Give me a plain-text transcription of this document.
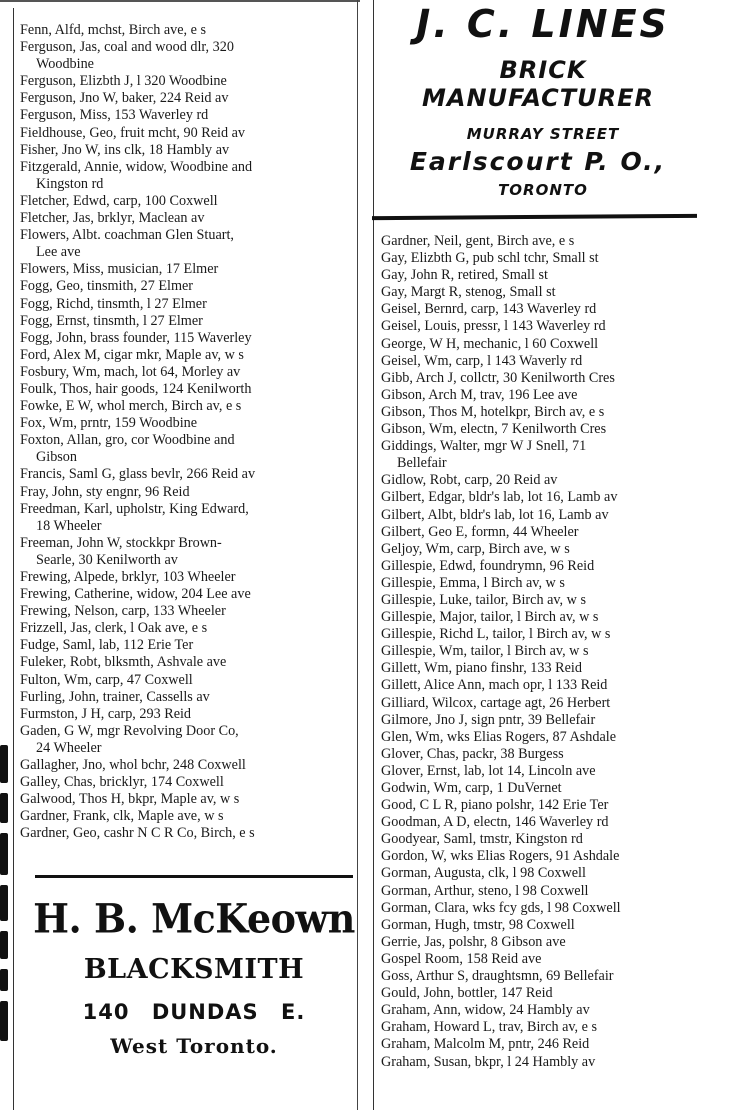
Fenn, Alfd, mchst, Birch ave, e s
Ferguson, Jas, coal and wood dlr, 320
Woodbine
Ferguson, Elizbth J, l 320 Woodbine
Ferguson, Jno W, baker, 224 Reid av
Ferguson, Miss, 153 Waverley rd
Fieldhouse, Geo, fruit mcht, 90 Reid av
Fisher, Jno W, ins clk, 18 Hambly av
Fitzgerald, Annie, widow, Woodbine and
Kingston rd
Fletcher, Edwd, carp, 100 Coxwell
Fletcher, Jas, brklyr, Maclean av
Flowers, Albt. coachman Glen Stuart,
Lee ave
Flowers, Miss, musician, 17 Elmer
Fogg, Geo, tinsmith, 27 Elmer
Fogg, Richd, tinsmth, l 27 Elmer
Fogg, Ernst, tinsmth, l 27 Elmer
Fogg, John, brass founder, 115 Waverley
Ford, Alex M, cigar mkr, Maple av, w s
Fosbury, Wm, mach, lot 64, Morley av
Foulk, Thos, hair goods, 124 Kenilworth
Fowke, E W, whol merch, Birch av, e s
Fox, Wm, prntr, 159 Woodbine
Foxton, Allan, gro, cor Woodbine and
Gibson
Francis, Saml G, glass bevlr, 266 Reid av
Fray, John, sty engnr, 96 Reid
Freedman, Karl, upholstr, King Edward,
18 Wheeler
Freeman, John W, stockkpr Brown-
Searle, 30 Kenilworth av
Frewing, Alpede, brklyr, 103 Wheeler
Frewing, Catherine, widow, 204 Lee ave
Frewing, Nelson, carp, 133 Wheeler
Frizzell, Jas, clerk, l Oak ave, e s
Fudge, Saml, lab, 112 Erie Ter
Fuleker, Robt, blksmth, Ashvale ave
Fulton, Wm, carp, 47 Coxwell
Furling, John, trainer, Cassells av
Furmston, J H, carp, 293 Reid
Gaden, G W, mgr Revolving Door Co,
24 Wheeler
Gallagher, Jno, whol bchr, 248 Coxwell
Galley, Chas, bricklyr, 174 Coxwell
Galwood, Thos H, bkpr, Maple av, w s
Gardner, Frank, clk, Maple ave, w s
Gardner, Geo, cashr N C R Co, Birch, e s
J. C. LINES
BRICK
MANUFACTURER
MURRAY STREET
Earlscourt P. O.,
TORONTO
Gardner, Neil, gent, Birch ave, e s
Gay, Elizbth G, pub schl tchr, Small st
Gay, John R, retired, Small st
Gay, Margt R, stenog, Small st
Geisel, Bernrd, carp, 143 Waverley rd
Geisel, Louis, pressr, l 143 Waverley rd
George, W H, mechanic, l 60 Coxwell
Geisel, Wm, carp, l 143 Waverly rd
Gibb, Arch J, collctr, 30 Kenilworth Cres
Gibson, Arch M, trav, 196 Lee ave
Gibson, Thos M, hotelkpr, Birch av, e s
Gibson, Wm, electn, 7 Kenilworth Cres
Giddings, Walter, mgr W J Snell, 71
Bellefair
Gidlow, Robt, carp, 20 Reid av
Gilbert, Edgar, bldr's lab, lot 16, Lamb av
Gilbert, Albt, bldr's lab, lot 16, Lamb av
Gilbert, Geo E, formn, 44 Wheeler
Geljoy, Wm, carp, Birch ave, w s
Gillespie, Edwd, foundrymn, 96 Reid
Gillespie, Emma, l Birch av, w s
Gillespie, Luke, tailor, Birch av, w s
Gillespie, Major, tailor, l Birch av, w s
Gillespie, Richd L, tailor, l Birch av, w s
Gillespie, Wm, tailor, l Birch av, w s
Gillett, Wm, piano finshr, 133 Reid
Gillett, Alice Ann, mach opr, l 133 Reid
Gilliard, Wilcox, cartage agt, 26 Herbert
Gilmore, Jno J, sign pntr, 39 Bellefair
Glen, Wm, wks Elias Rogers, 87 Ashdale
Glover, Chas, packr, 38 Burgess
Glover, Ernst, lab, lot 14, Lincoln ave
Godwin, Wm, carp, 1 DuVernet
Good, C L R, piano polshr, 142 Erie Ter
Goodman, A D, electn, 146 Waverley rd
Goodyear, Saml, tmstr, Kingston rd
Gordon, W, wks Elias Rogers, 91 Ashdale
Gorman, Augusta, clk, l 98 Coxwell
Gorman, Arthur, steno, l 98 Coxwell
Gorman, Clara, wks fcy gds, l 98 Coxwell
Gorman, Hugh, tmstr, 98 Coxwell
Gerrie, Jas, polshr, 8 Gibson ave
Gospel Room, 158 Reid ave
Goss, Arthur S, draughtsmn, 69 Bellefair
Gould, John, bottler, 147 Reid
Graham, Ann, widow, 24 Hambly av
Graham, Howard L, trav, Birch av, e s
Graham, Malcolm M, pntr, 246 Reid
Graham, Susan, bkpr, l 24 Hambly av
H. B. McKeown
BLACKSMITH
140 DUNDAS E.
West Toronto.
